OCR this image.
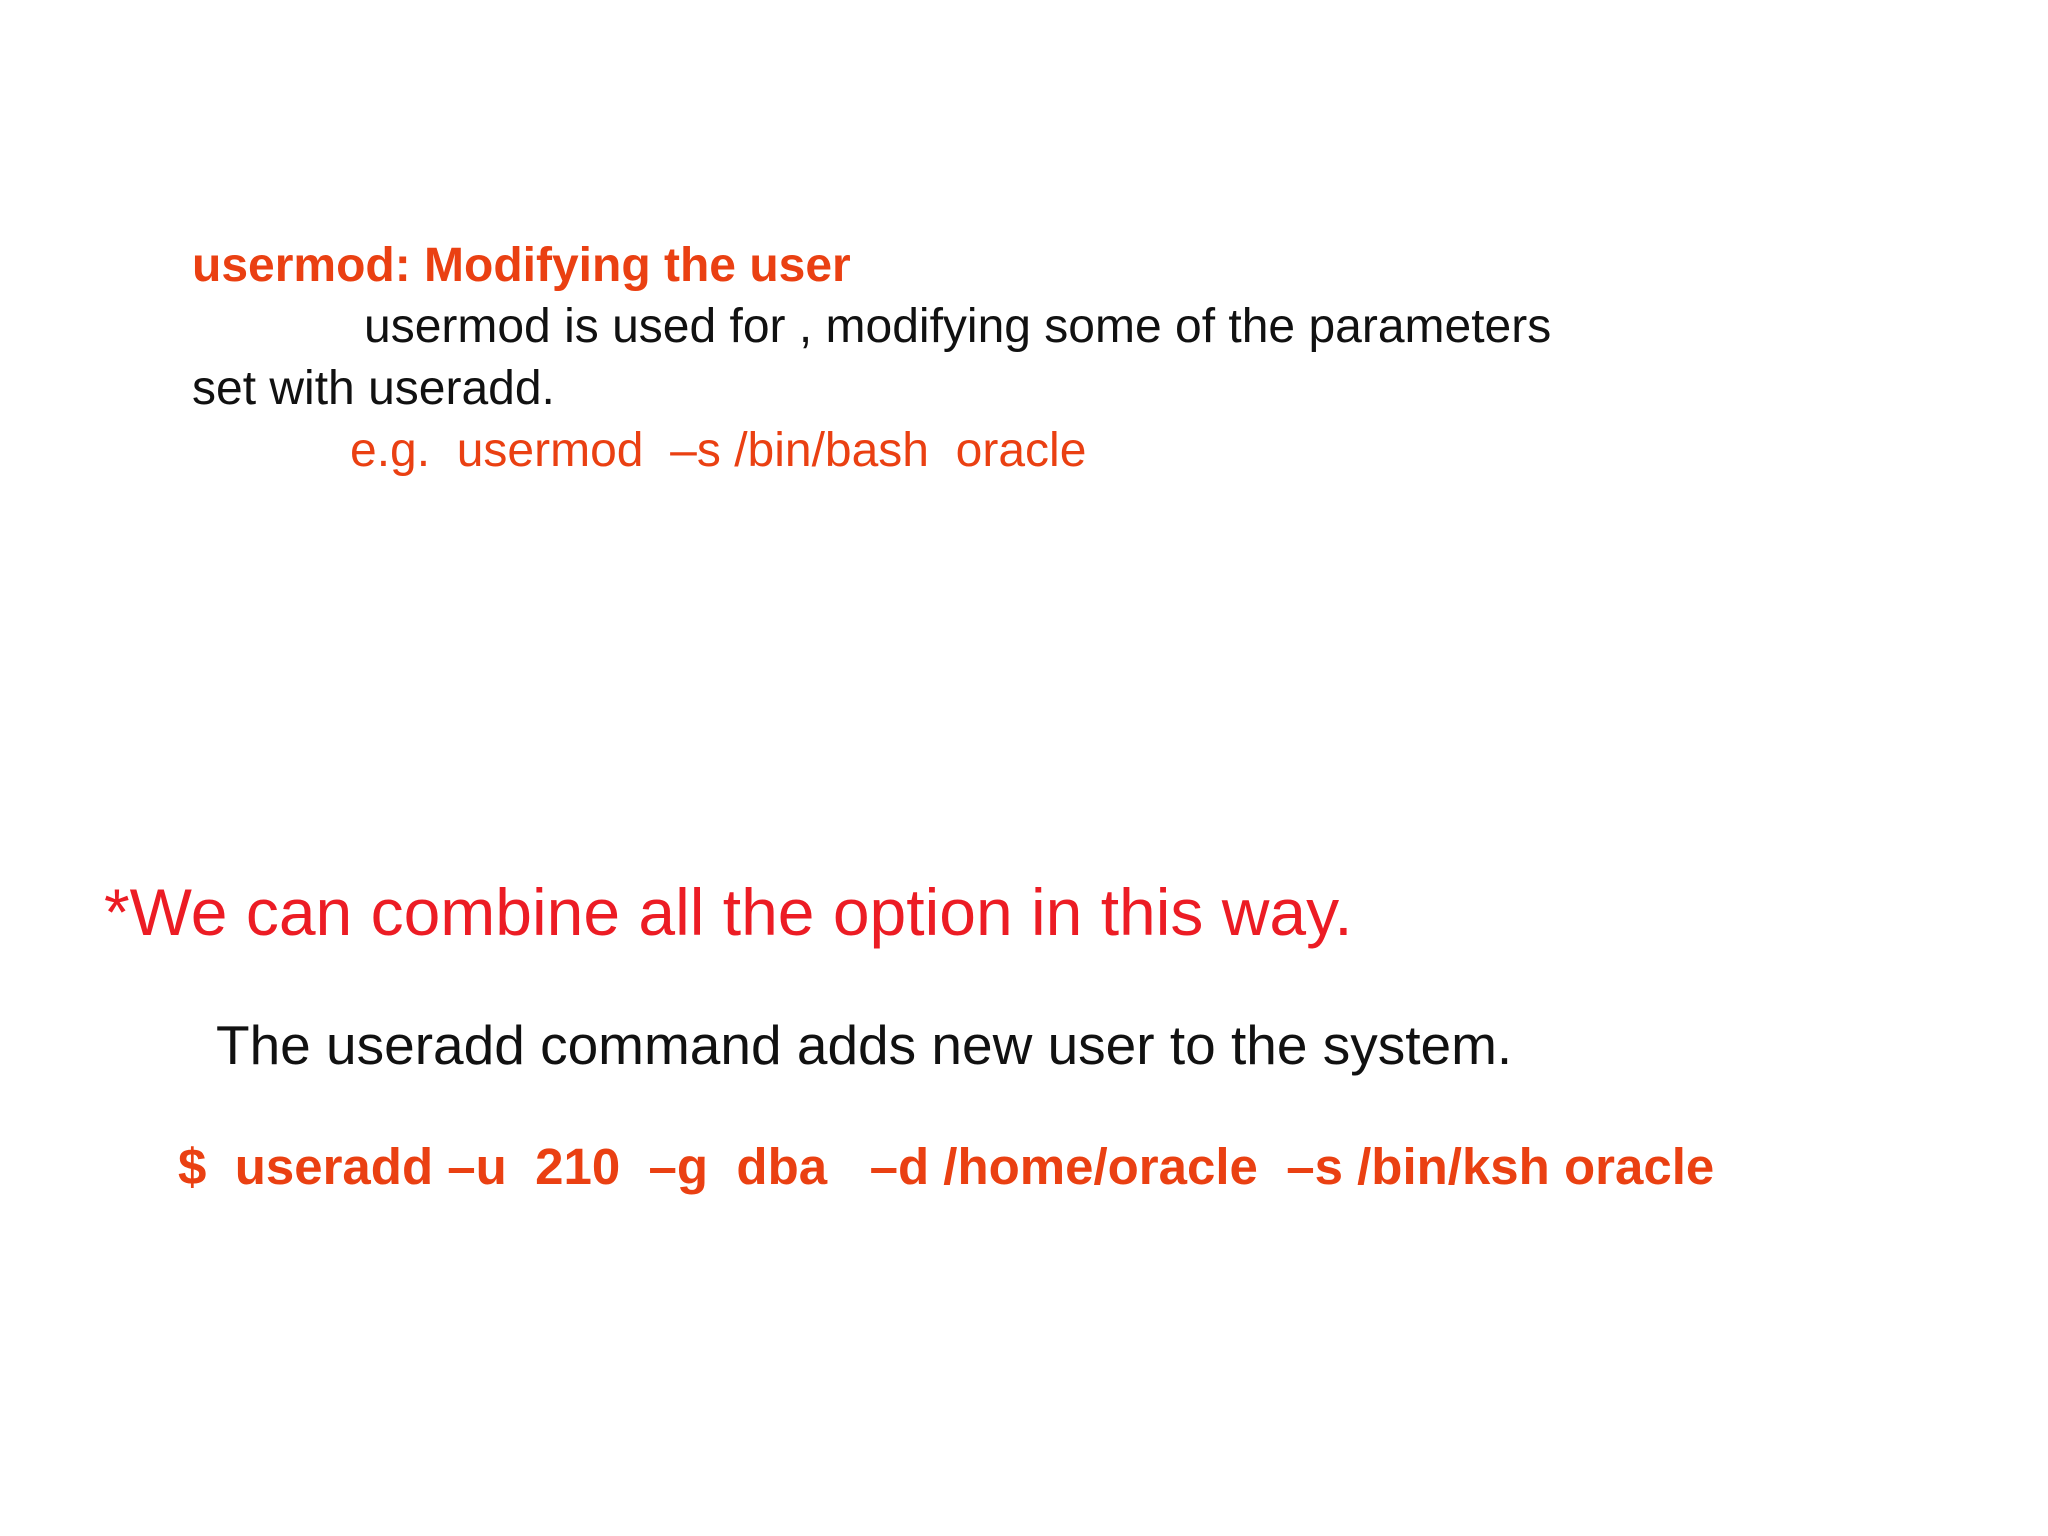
usermod: Modifying the user

usermod is used for , modifying some of the parameters

set with useradd.

e.g.  usermod  –s /bin/bash  oracle

*We can combine all the option in this way.

The useradd command adds new user to the system.

$  useradd –u  210  –g  dba   –d /home/oracle  –s /bin/ksh oracle
